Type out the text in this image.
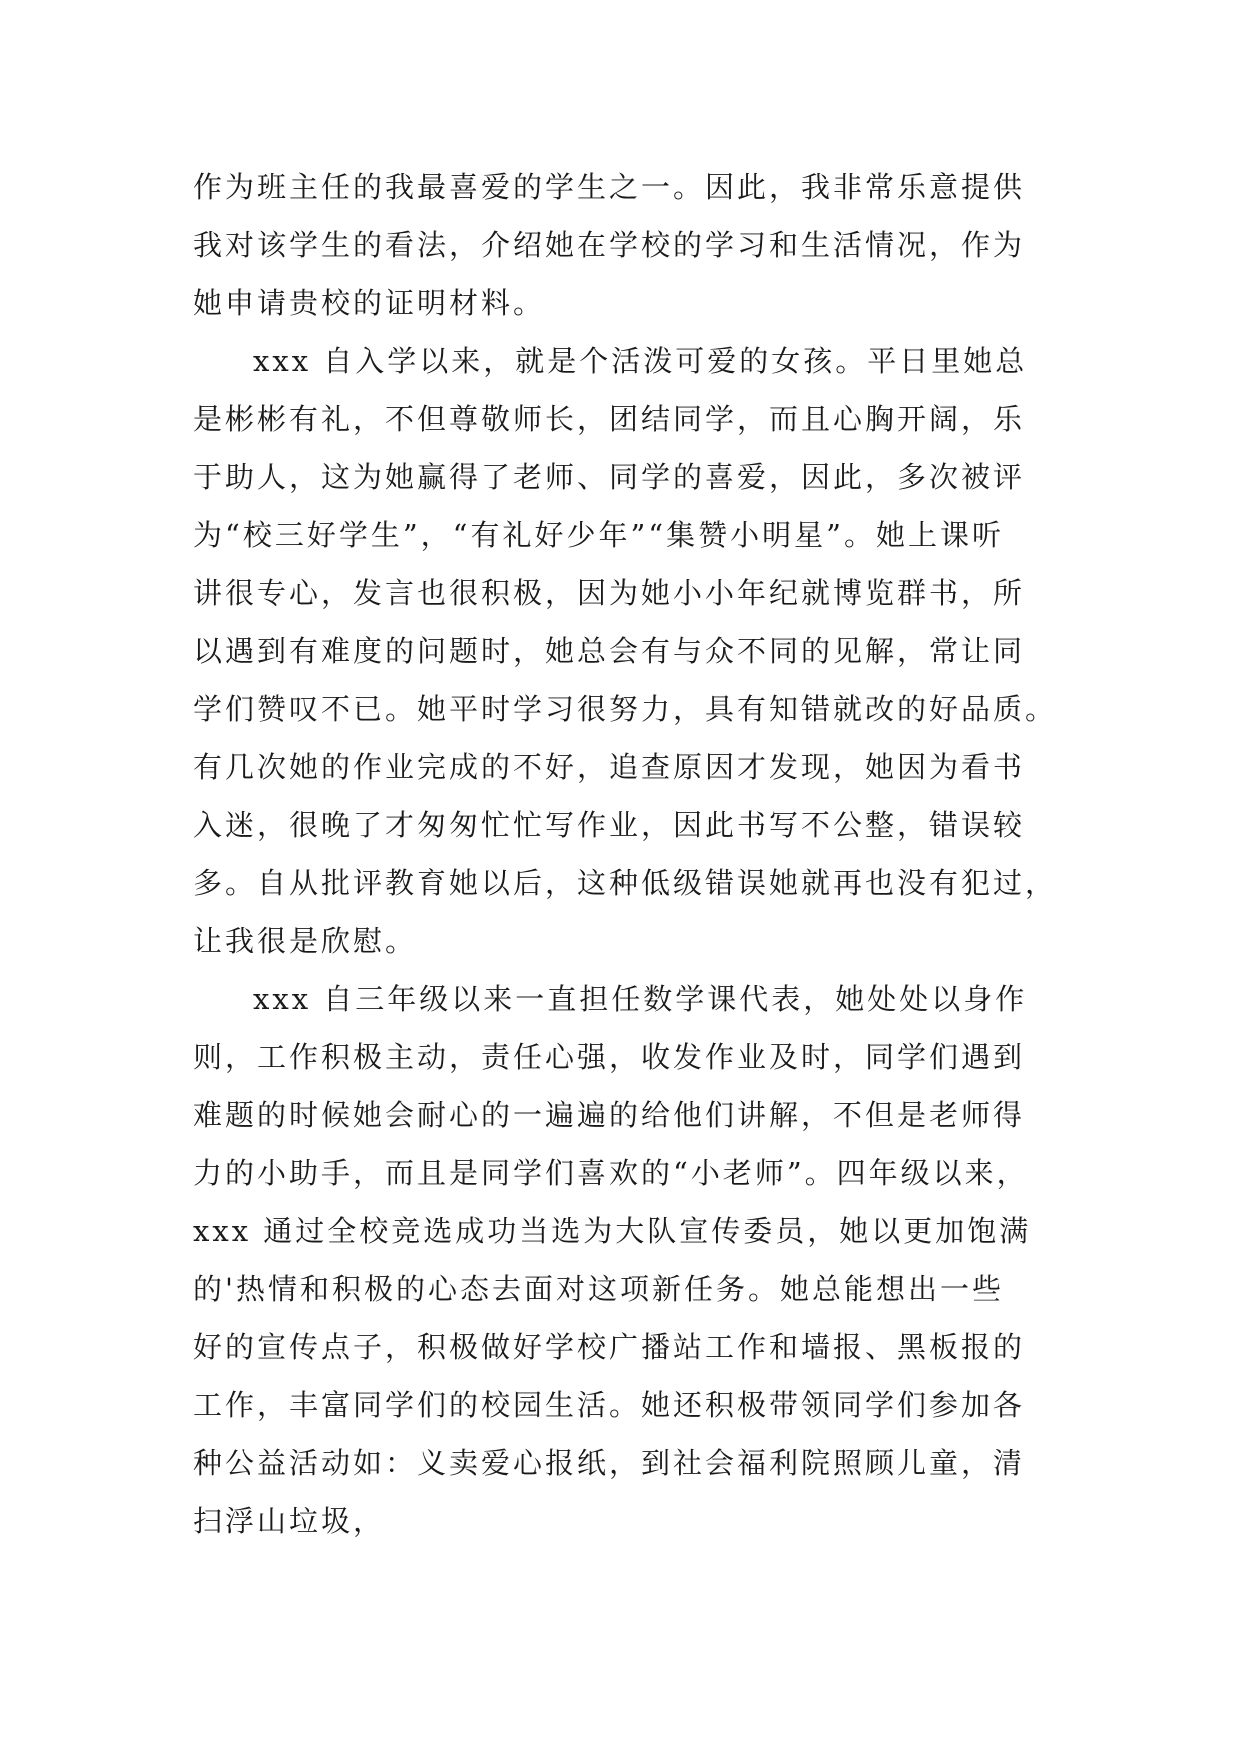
作为班主任的我最喜爱的学生之一。因此，我非常乐意提供
我对该学生的看法，介绍她在学校的学习和生活情况，作为
她申请贵校的证明材料。
xxx 自入学以来，就是个活泼可爱的女孩。平日里她总
是彬彬有礼，不但尊敬师长，团结同学，而且心胸开阔，乐
于助人，这为她赢得了老师、同学的喜爱，因此，多次被评
为“校三好学生”，“有礼好少年”“集赞小明星”。她上课听
讲很专心，发言也很积极，因为她小小年纪就博览群书，所
以遇到有难度的问题时，她总会有与众不同的见解，常让同
学们赞叹不已。她平时学习很努力，具有知错就改的好品质。
有几次她的作业完成的不好，追查原因才发现，她因为看书
入迷，很晚了才匆匆忙忙写作业，因此书写不公整，错误较
多。自从批评教育她以后，这种低级错误她就再也没有犯过，
让我很是欣慰。
xxx 自三年级以来一直担任数学课代表，她处处以身作
则，工作积极主动，责任心强，收发作业及时，同学们遇到
难题的时候她会耐心的一遍遍的给他们讲解，不但是老师得
力的小助手，而且是同学们喜欢的“小老师”。四年级以来，
xxx 通过全校竞选成功当选为大队宣传委员，她以更加饱满
的'热情和积极的心态去面对这项新任务。她总能想出一些
好的宣传点子，积极做好学校广播站工作和墙报、黑板报的
工作，丰富同学们的校园生活。她还积极带领同学们参加各
种公益活动如：义卖爱心报纸，到社会福利院照顾儿童，清
扫浮山垃圾，
